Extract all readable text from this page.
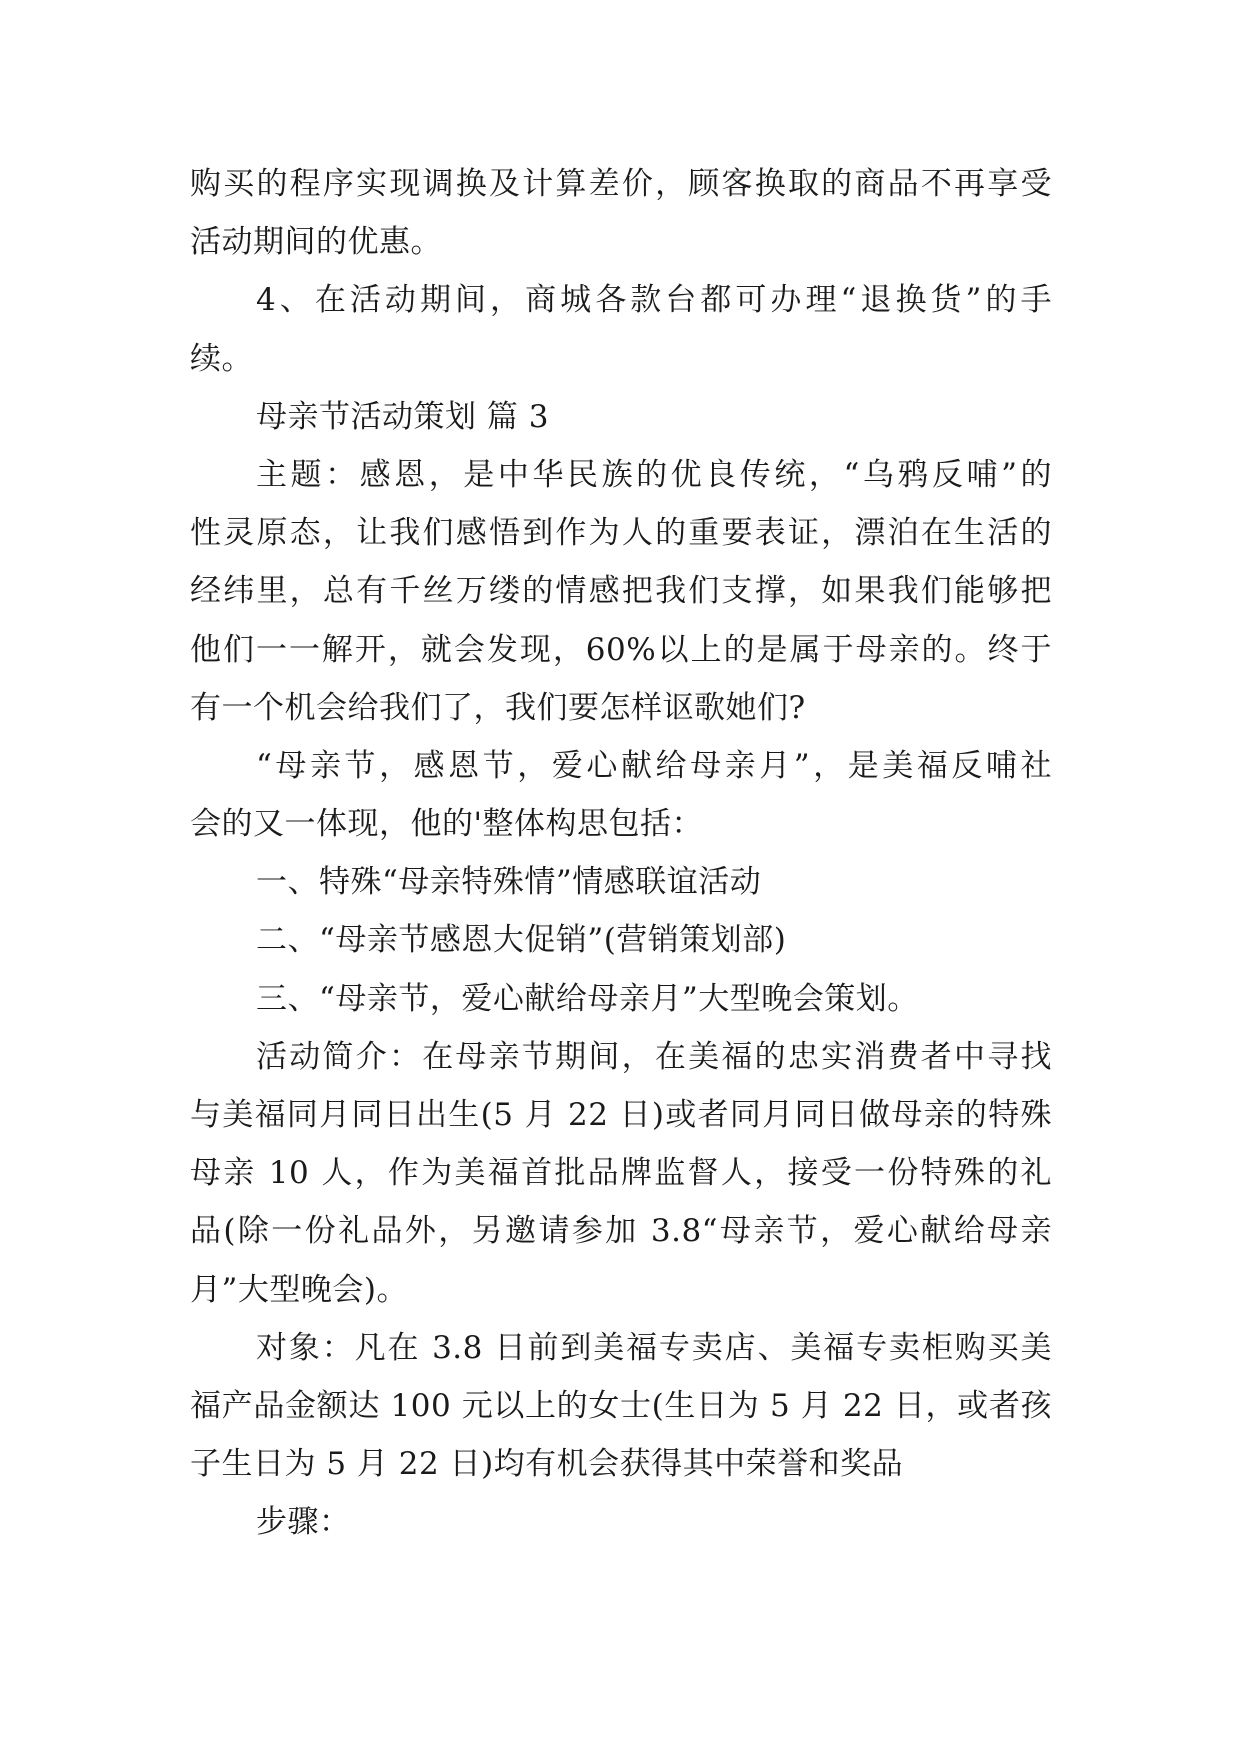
购买的程序实现调换及计算差价，顾客换取的商品不再享受
活动期间的优惠。
4、在活动期间，商城各款台都可办理“退换货”的手
续。
母亲节活动策划 篇 3
主题：感恩，是中华民族的优良传统，“乌鸦反哺”的
性灵原态，让我们感悟到作为人的重要表证，漂泊在生活的
经纬里，总有千丝万缕的情感把我们支撑，如果我们能够把
他们一一解开，就会发现，60%以上的是属于母亲的。终于
有一个机会给我们了，我们要怎样讴歌她们?
“母亲节，感恩节，爱心献给母亲月”，是美福反哺社
会的又一体现，他的'整体构思包括：
一、特殊“母亲特殊情”情感联谊活动
二、“母亲节感恩大促销”(营销策划部)
三、“母亲节，爱心献给母亲月”大型晚会策划。
活动简介：在母亲节期间，在美福的忠实消费者中寻找
与美福同月同日出生(5 月 22 日)或者同月同日做母亲的特殊
母亲 10 人，作为美福首批品牌监督人，接受一份特殊的礼
品(除一份礼品外，另邀请参加 3.8“母亲节，爱心献给母亲
月”大型晚会)。
对象：凡在 3.8 日前到美福专卖店、美福专卖柜购买美
福产品金额达 100 元以上的女士(生日为 5 月 22 日，或者孩
子生日为 5 月 22 日)均有机会获得其中荣誉和奖品
步骤：
